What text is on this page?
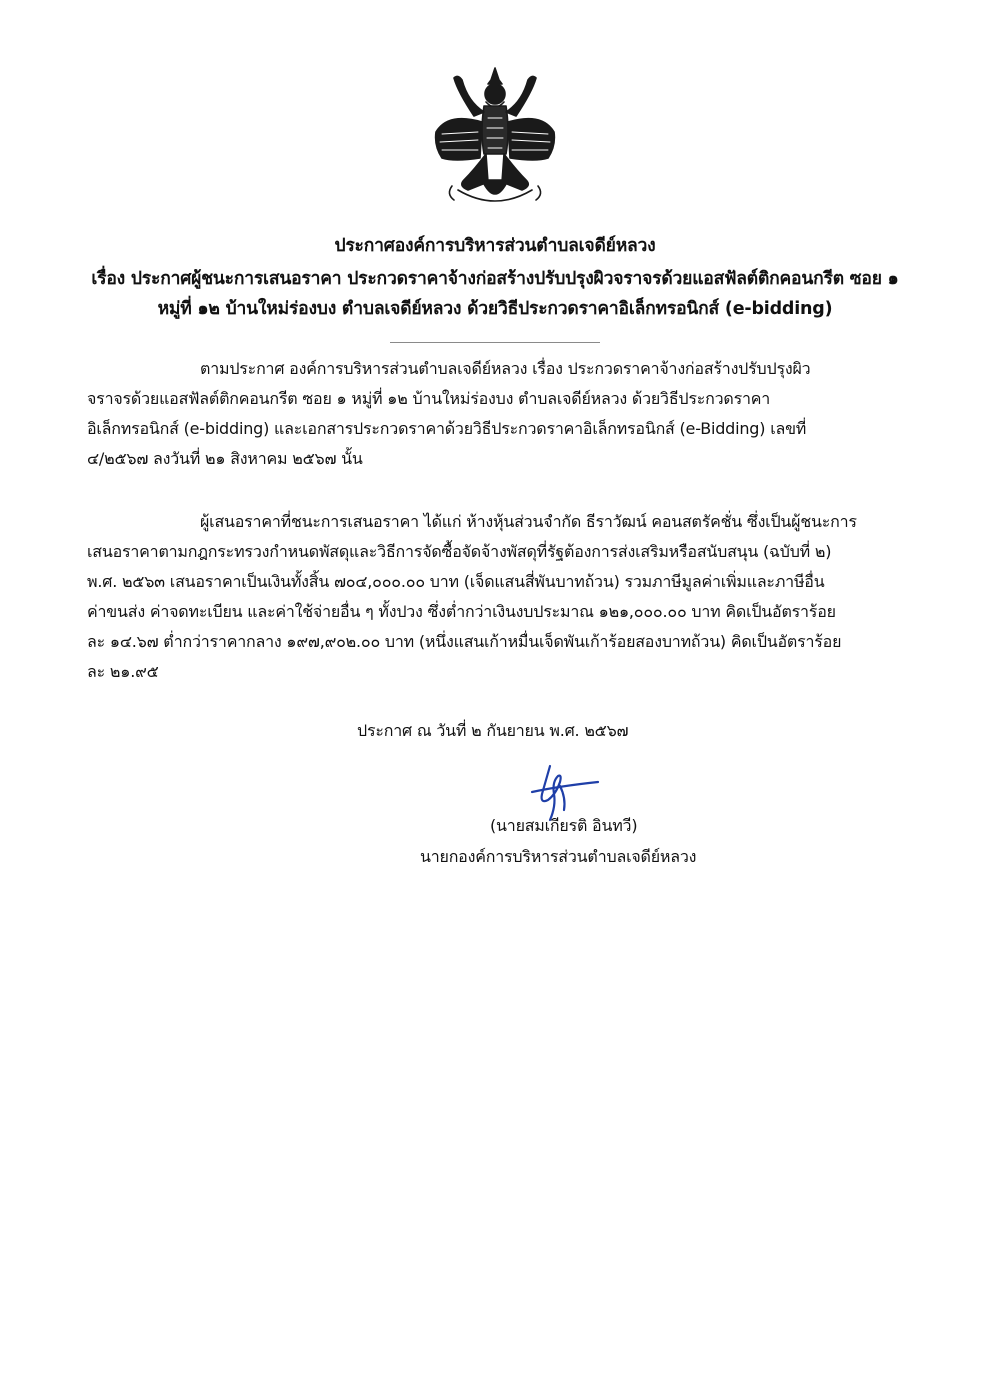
ประกาศองค์การบริหารส่วนตำบลเจดีย์หลวง
เรื่อง ประกาศผู้ชนะการเสนอราคา ประกวดราคาจ้างก่อสร้างปรับปรุงผิวจราจรด้วยแอสฟัลต์ติกคอนกรีต ซอย ๑
หมู่ที่ ๑๒ บ้านใหม่ร่องบง ตำบลเจดีย์หลวง ด้วยวิธีประกวดราคาอิเล็กทรอนิกส์ (e-bidding)
ตามประกาศ องค์การบริหารส่วนตำบลเจดีย์หลวง เรื่อง ประกวดราคาจ้างก่อสร้างปรับปรุงผิว
จราจรด้วยแอสฟัลต์ติกคอนกรีต ซอย ๑ หมู่ที่ ๑๒ บ้านใหม่ร่องบง ตำบลเจดีย์หลวง ด้วยวิธีประกวดราคา
อิเล็กทรอนิกส์ (e-bidding) และเอกสารประกวดราคาด้วยวิธีประกวดราคาอิเล็กทรอนิกส์ (e-Bidding) เลขที่
๔/๒๕๖๗ ลงวันที่ ๒๑ สิงหาคม ๒๕๖๗ นั้น
ผู้เสนอราคาที่ชนะการเสนอราคา ได้แก่ ห้างหุ้นส่วนจำกัด ธีราวัฒน์ คอนสตรัคชั่น ซึ่งเป็นผู้ชนะการ
เสนอราคาตามกฎกระทรวงกำหนดพัสดุและวิธีการจัดซื้อจัดจ้างพัสดุที่รัฐต้องการส่งเสริมหรือสนับสนุน (ฉบับที่ ๒)
พ.ศ. ๒๕๖๓ เสนอราคาเป็นเงินทั้งสิ้น ๗๐๔,๐๐๐.๐๐ บาท (เจ็ดแสนสี่พันบาทถ้วน) รวมภาษีมูลค่าเพิ่มและภาษีอื่น
ค่าขนส่ง ค่าจดทะเบียน และค่าใช้จ่ายอื่น ๆ ทั้งปวง ซึ่งต่ำกว่าเงินงบประมาณ ๑๒๑,๐๐๐.๐๐ บาท คิดเป็นอัตราร้อย
ละ ๑๔.๖๗ ต่ำกว่าราคากลาง ๑๙๗,๙๐๒.๐๐ บาท (หนึ่งแสนเก้าหมื่นเจ็ดพันเก้าร้อยสองบาทถ้วน) คิดเป็นอัตราร้อย
ละ ๒๑.๙๕
ประกาศ ณ วันที่ ๒ กันยายน พ.ศ. ๒๕๖๗
(นายสมเกียรติ อินทวี)
นายกองค์การบริหารส่วนตำบลเจดีย์หลวง
